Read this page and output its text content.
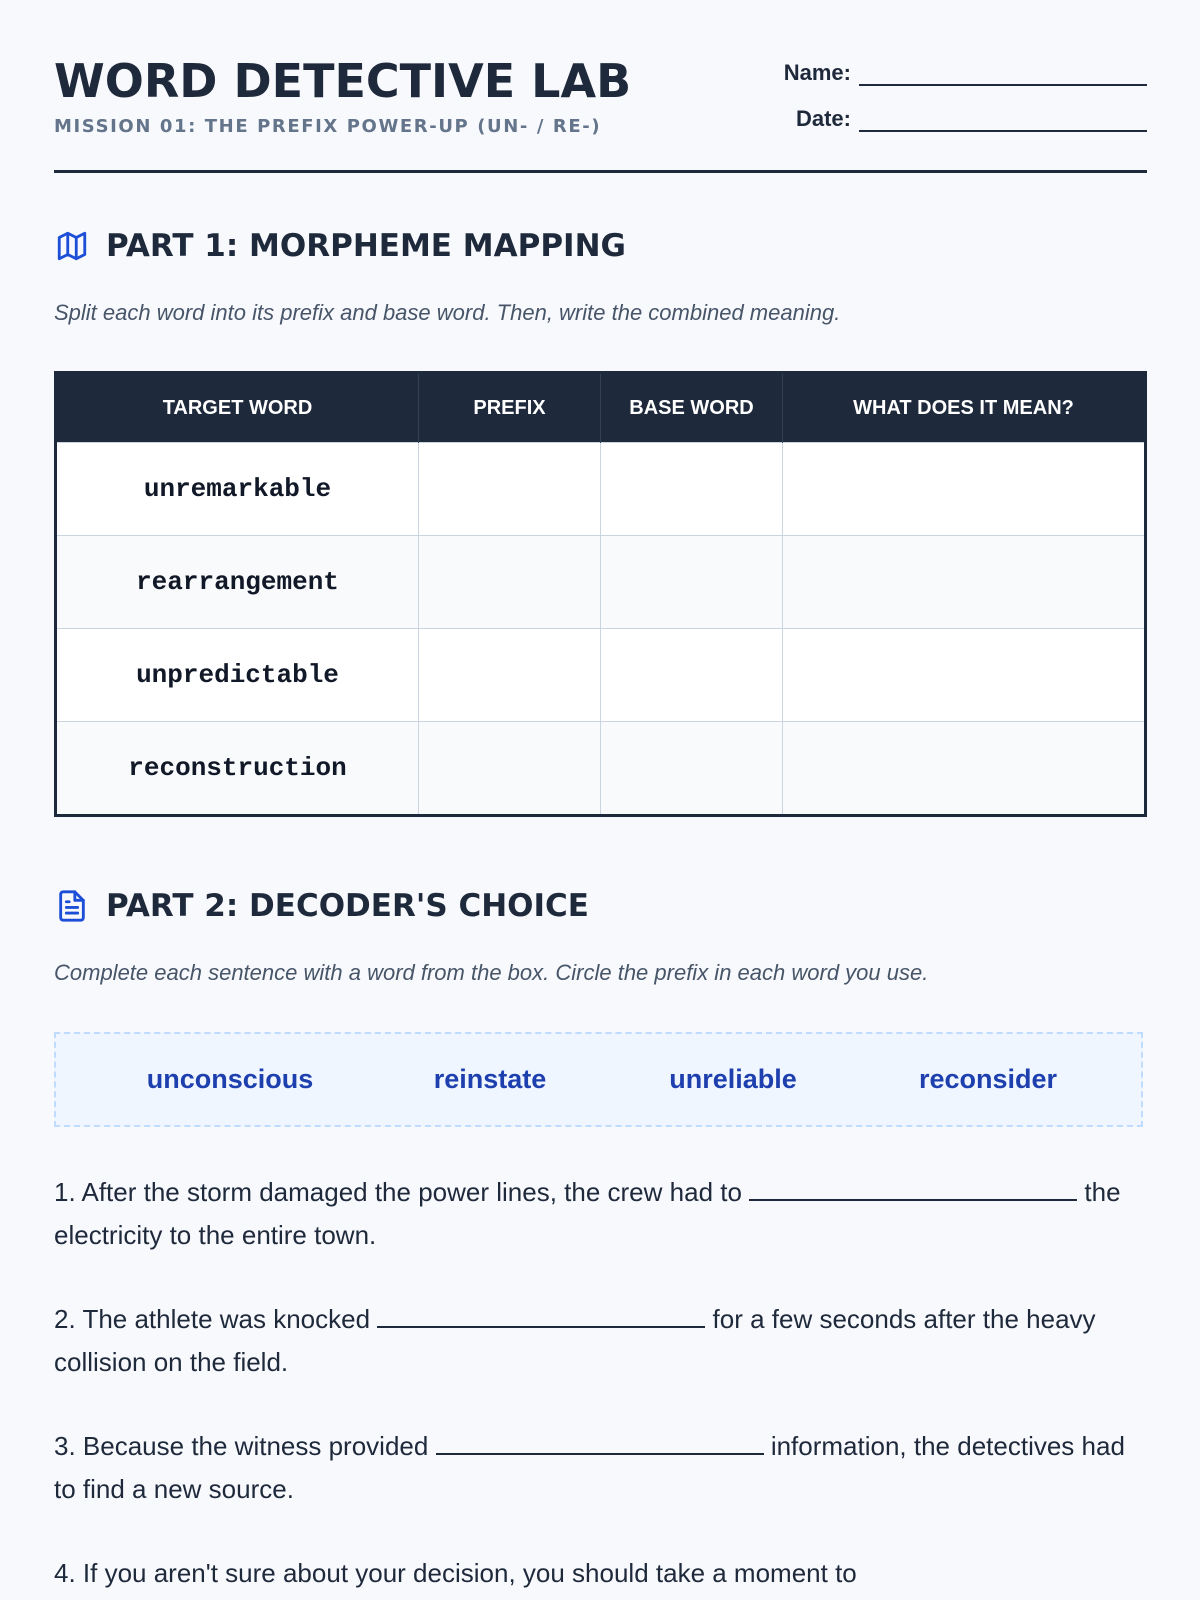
WORD DETECTIVE LAB
MISSION 01: THE PREFIX POWER-UP (UN- / RE-)
Name:
Date:
PART 1: MORPHEME MAPPING
Split each word into its prefix and base word. Then, write the combined meaning.
TARGET WORD	PREFIX	BASE WORD	WHAT DOES IT MEAN?
unremarkable			
rearrangement			
unpredictable			
reconstruction			
PART 2: DECODER'S CHOICE
Complete each sentence with a word from the box. Circle the prefix in each word you use.
unconscious	reinstate	unreliable	reconsider
1. After the storm damaged the power lines, the crew had to	the electricity to the entire town.
2. The athlete was knocked	for a few seconds after the heavy collision on the field.
3. Because the witness provided	information, the detectives had to find a new source.
4. If you aren't sure about your decision, you should take a moment to
